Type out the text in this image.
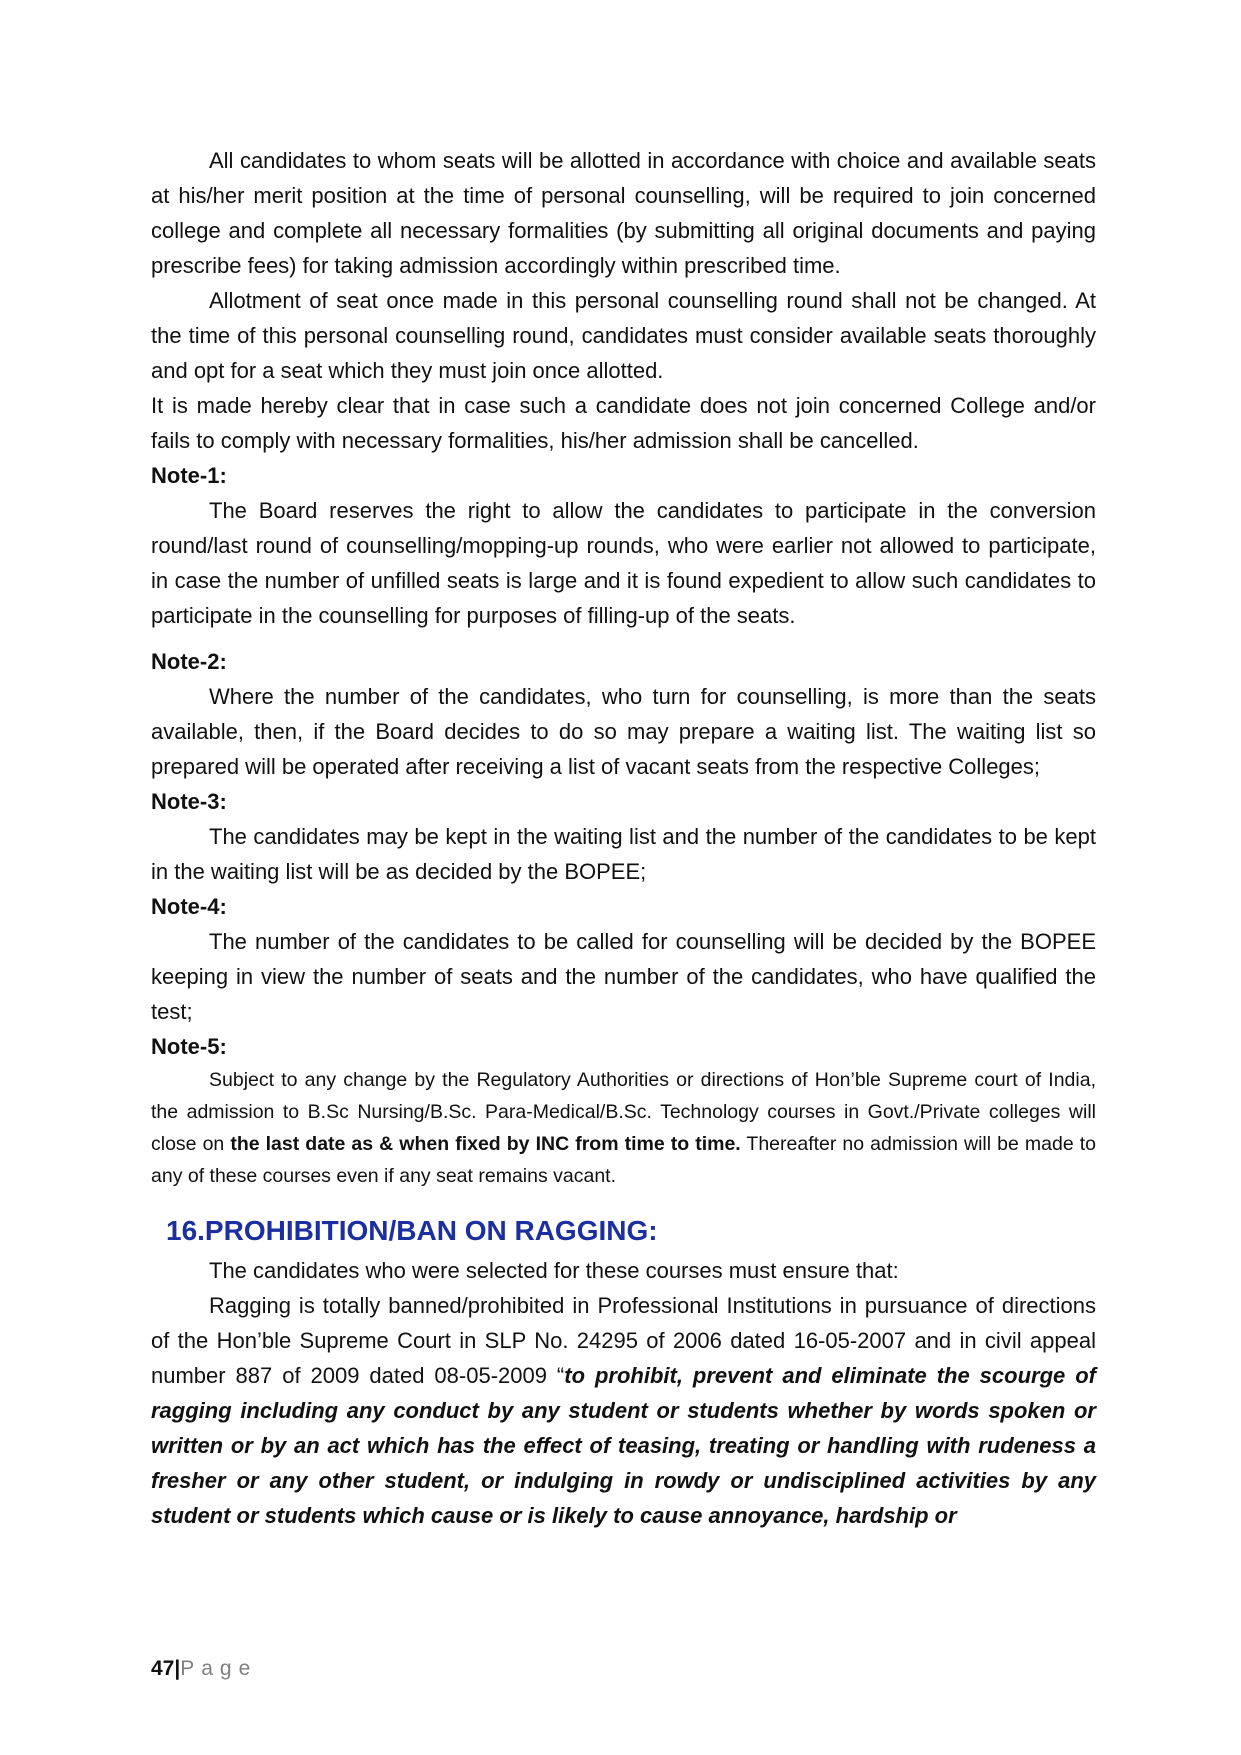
All candidates to whom seats will be allotted in accordance with choice and available seats at his/her merit position at the time of personal counselling, will be required to join concerned college and complete all necessary formalities (by submitting all original documents and paying prescribe fees) for taking admission accordingly within prescribed time.

Allotment of seat once made in this personal counselling round shall not be changed. At the time of this personal counselling round, candidates must consider available seats thoroughly and opt for a seat which they must join once allotted.

It is made hereby clear that in case such a candidate does not join concerned College and/or fails to comply with necessary formalities, his/her admission shall be cancelled.

Note-1:

The Board reserves the right to allow the candidates to participate in the conversion round/last round of counselling/mopping-up rounds, who were earlier not allowed to participate, in case the number of unfilled seats is large and it is found expedient to allow such candidates to participate in the counselling for purposes of filling-up of the seats.

Note-2:

Where the number of the candidates, who turn for counselling, is more than the seats available, then, if the Board decides to do so may prepare a waiting list. The waiting list so prepared will be operated after receiving a list of vacant seats from the respective Colleges;

Note-3:

The candidates may be kept in the waiting list and the number of the candidates to be kept in the waiting list will be as decided by the BOPEE;

Note-4:

The number of the candidates to be called for counselling will be decided by the BOPEE keeping in view the number of seats and the number of the candidates, who have qualified the test;

Note-5:

Subject to any change by the Regulatory Authorities or directions of Hon’ble Supreme court of India, the admission to B.Sc Nursing/B.Sc. Para-Medical/B.Sc. Technology courses in Govt./Private colleges will close on the last date as & when fixed by INC from time to time. Thereafter no admission will be made to any of these courses even if any seat remains vacant.

16.PROHIBITION/BAN ON RAGGING:

The candidates who were selected for these courses must ensure that:

Ragging is totally banned/prohibited in Professional Institutions in pursuance of directions of the Hon’ble Supreme Court in SLP No. 24295 of 2006 dated 16-05-2007 and in civil appeal number 887 of 2009 dated 08-05-2009 “to prohibit, prevent and eliminate the scourge of ragging including any conduct by any student or students whether by words spoken or written or by an act which has the effect of teasing, treating or handling with rudeness a fresher or any other student, or indulging in rowdy or undisciplined activities by any student or students which cause or is likely to cause annoyance, hardship or

47|Page
